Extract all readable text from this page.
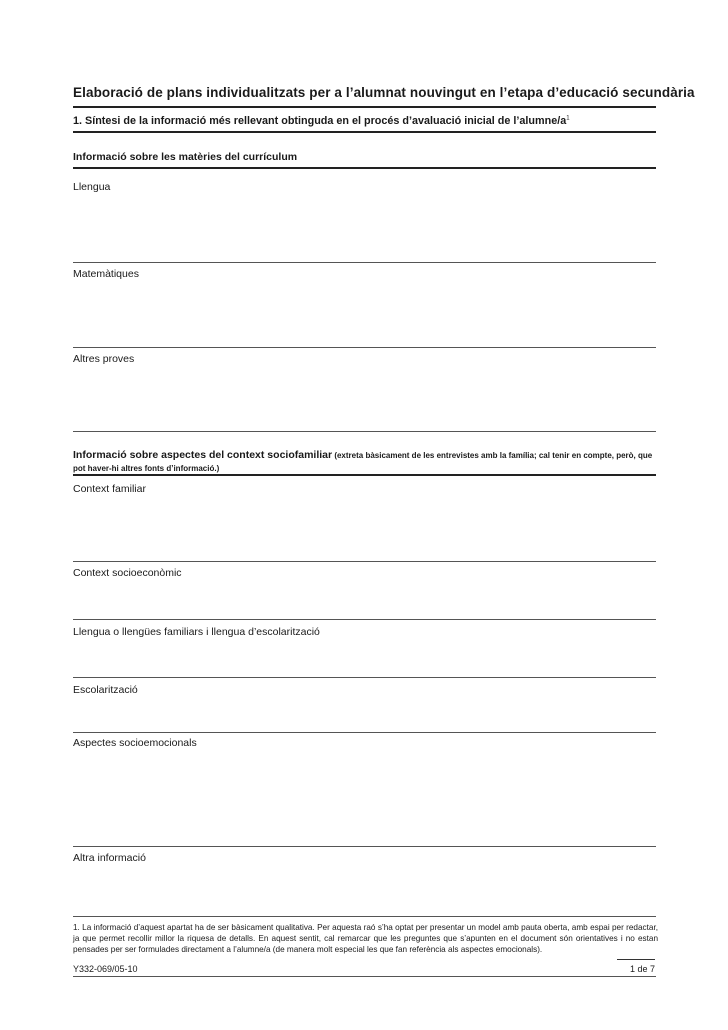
Elaboració de plans individualitzats per a l’alumnat nouvingut en l’etapa d’educació secundària
1. Síntesi de la informació més rellevant obtinguda en el procés d’avaluació inicial de $l’alumne/a^1$
Informació sobre les matèries del currículum
Llengua
Matemàtiques
Altres proves
Informació sobre aspectes del context sociofamiliar (extreta bàsicament de les entrevistes amb la família; cal tenir en compte, però, que pot haver-hi altres fonts d’informació.)
Context familiar
Context socioeconòmic
Llengua o llengües familiars i llengua d’escolarització
Escolarització
Aspectes socioemocionals
Altra informació
1. La informació d’aquest apartat ha de ser bàsicament qualitativa. Per aquesta raó s’ha optat per presentar un model amb pauta oberta, amb espai per redactar, ja que permet recollir millor la riquesa de detalls. En aquest sentit, cal remarcar que les preguntes que s’apunten en el document són orientatives i no estan pensades per ser formulades directament a l’alumne/a (de manera molt especial les que fan referència als aspectes emocionals).
Y332-069/05-10	1 de 7
